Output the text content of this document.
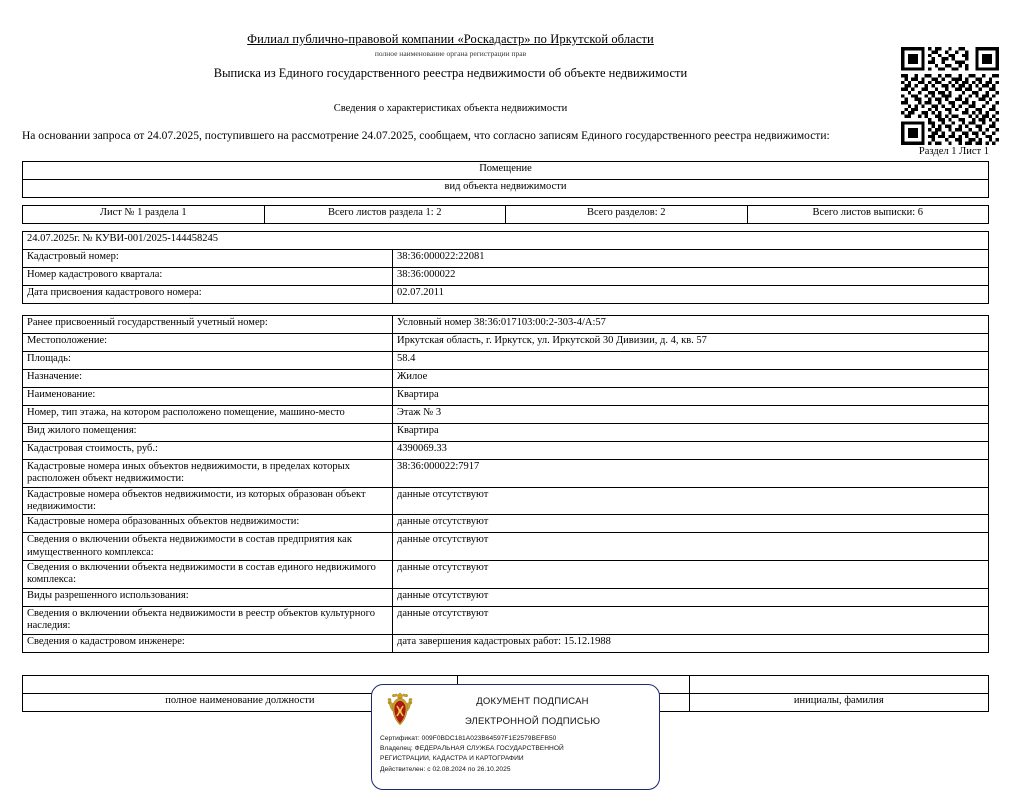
Филиал публично-правовой компании «Роскадастр» по Иркутской области
полное наименование органа регистрации прав
Выписка из Единого государственного реестра недвижимости об объекте недвижимости
Сведения о характеристиках объекта недвижимости
На основании запроса от 24.07.2025, поступившего на рассмотрение 24.07.2025, сообщаем, что согласно записям Единого государственного реестра недвижимости:
Раздел 1 Лист 1
Помещение
вид объекта недвижимости
Лист № 1 раздела 1	Всего листов раздела 1: 2	Всего разделов: 2	Всего листов выписки: 6
24.07.2025г. № КУВИ-001/2025-144458245	
Кадастровый номер:	38:36:000022:22081
Номер кадастрового квартала:	38:36:000022
Дата присвоения кадастрового номера:	02.07.2011
Ранее присвоенный государственный учетный номер:	Условный номер 38:36:017103:00:2-303-4/А:57
Местоположение:	Иркутская область, г. Иркутск, ул. Иркутской 30 Дивизии, д. 4, кв. 57
Площадь:	58.4
Назначение:	Жилое
Наименование:	Квартира
Номер, тип этажа, на котором расположено помещение, машино-место	Этаж № 3
Вид жилого помещения:	Квартира
Кадастровая стоимость, руб.:	4390069.33
Кадастровые номера иных объектов недвижимости, в пределах которых расположен объект недвижимости:	38:36:000022:7917
Кадастровые номера объектов недвижимости, из которых образован объект недвижимости:	данные отсутствуют
Кадастровые номера образованных объектов недвижимости:	данные отсутствуют
Сведения о включении объекта недвижимости в состав предприятия как имущественного комплекса:	данные отсутствуют
Сведения о включении объекта недвижимости в состав единого недвижимого комплекса:	данные отсутствуют
Виды разрешенного использования:	данные отсутствуют
Сведения о включении объекта недвижимости в реестр объектов культурного наследия:	данные отсутствуют
Сведения о кадастровом инженере:	дата завершения кадастровых работ: 15.12.1988

полное наименование должности		инициалы, фамилия
ДОКУМЕНТ ПОДПИСАН
ЭЛЕКТРОННОЙ ПОДПИСЬЮ
Сертификат: 009F0BDC181A023B64597F1E2579BEFB50
Владелец: ФЕДЕРАЛЬНАЯ СЛУЖБА ГОСУДАРСТВЕННОЙ
РЕГИСТРАЦИИ, КАДАСТРА И КАРТОГРАФИИ
Действителен: с 02.08.2024 по 26.10.2025
